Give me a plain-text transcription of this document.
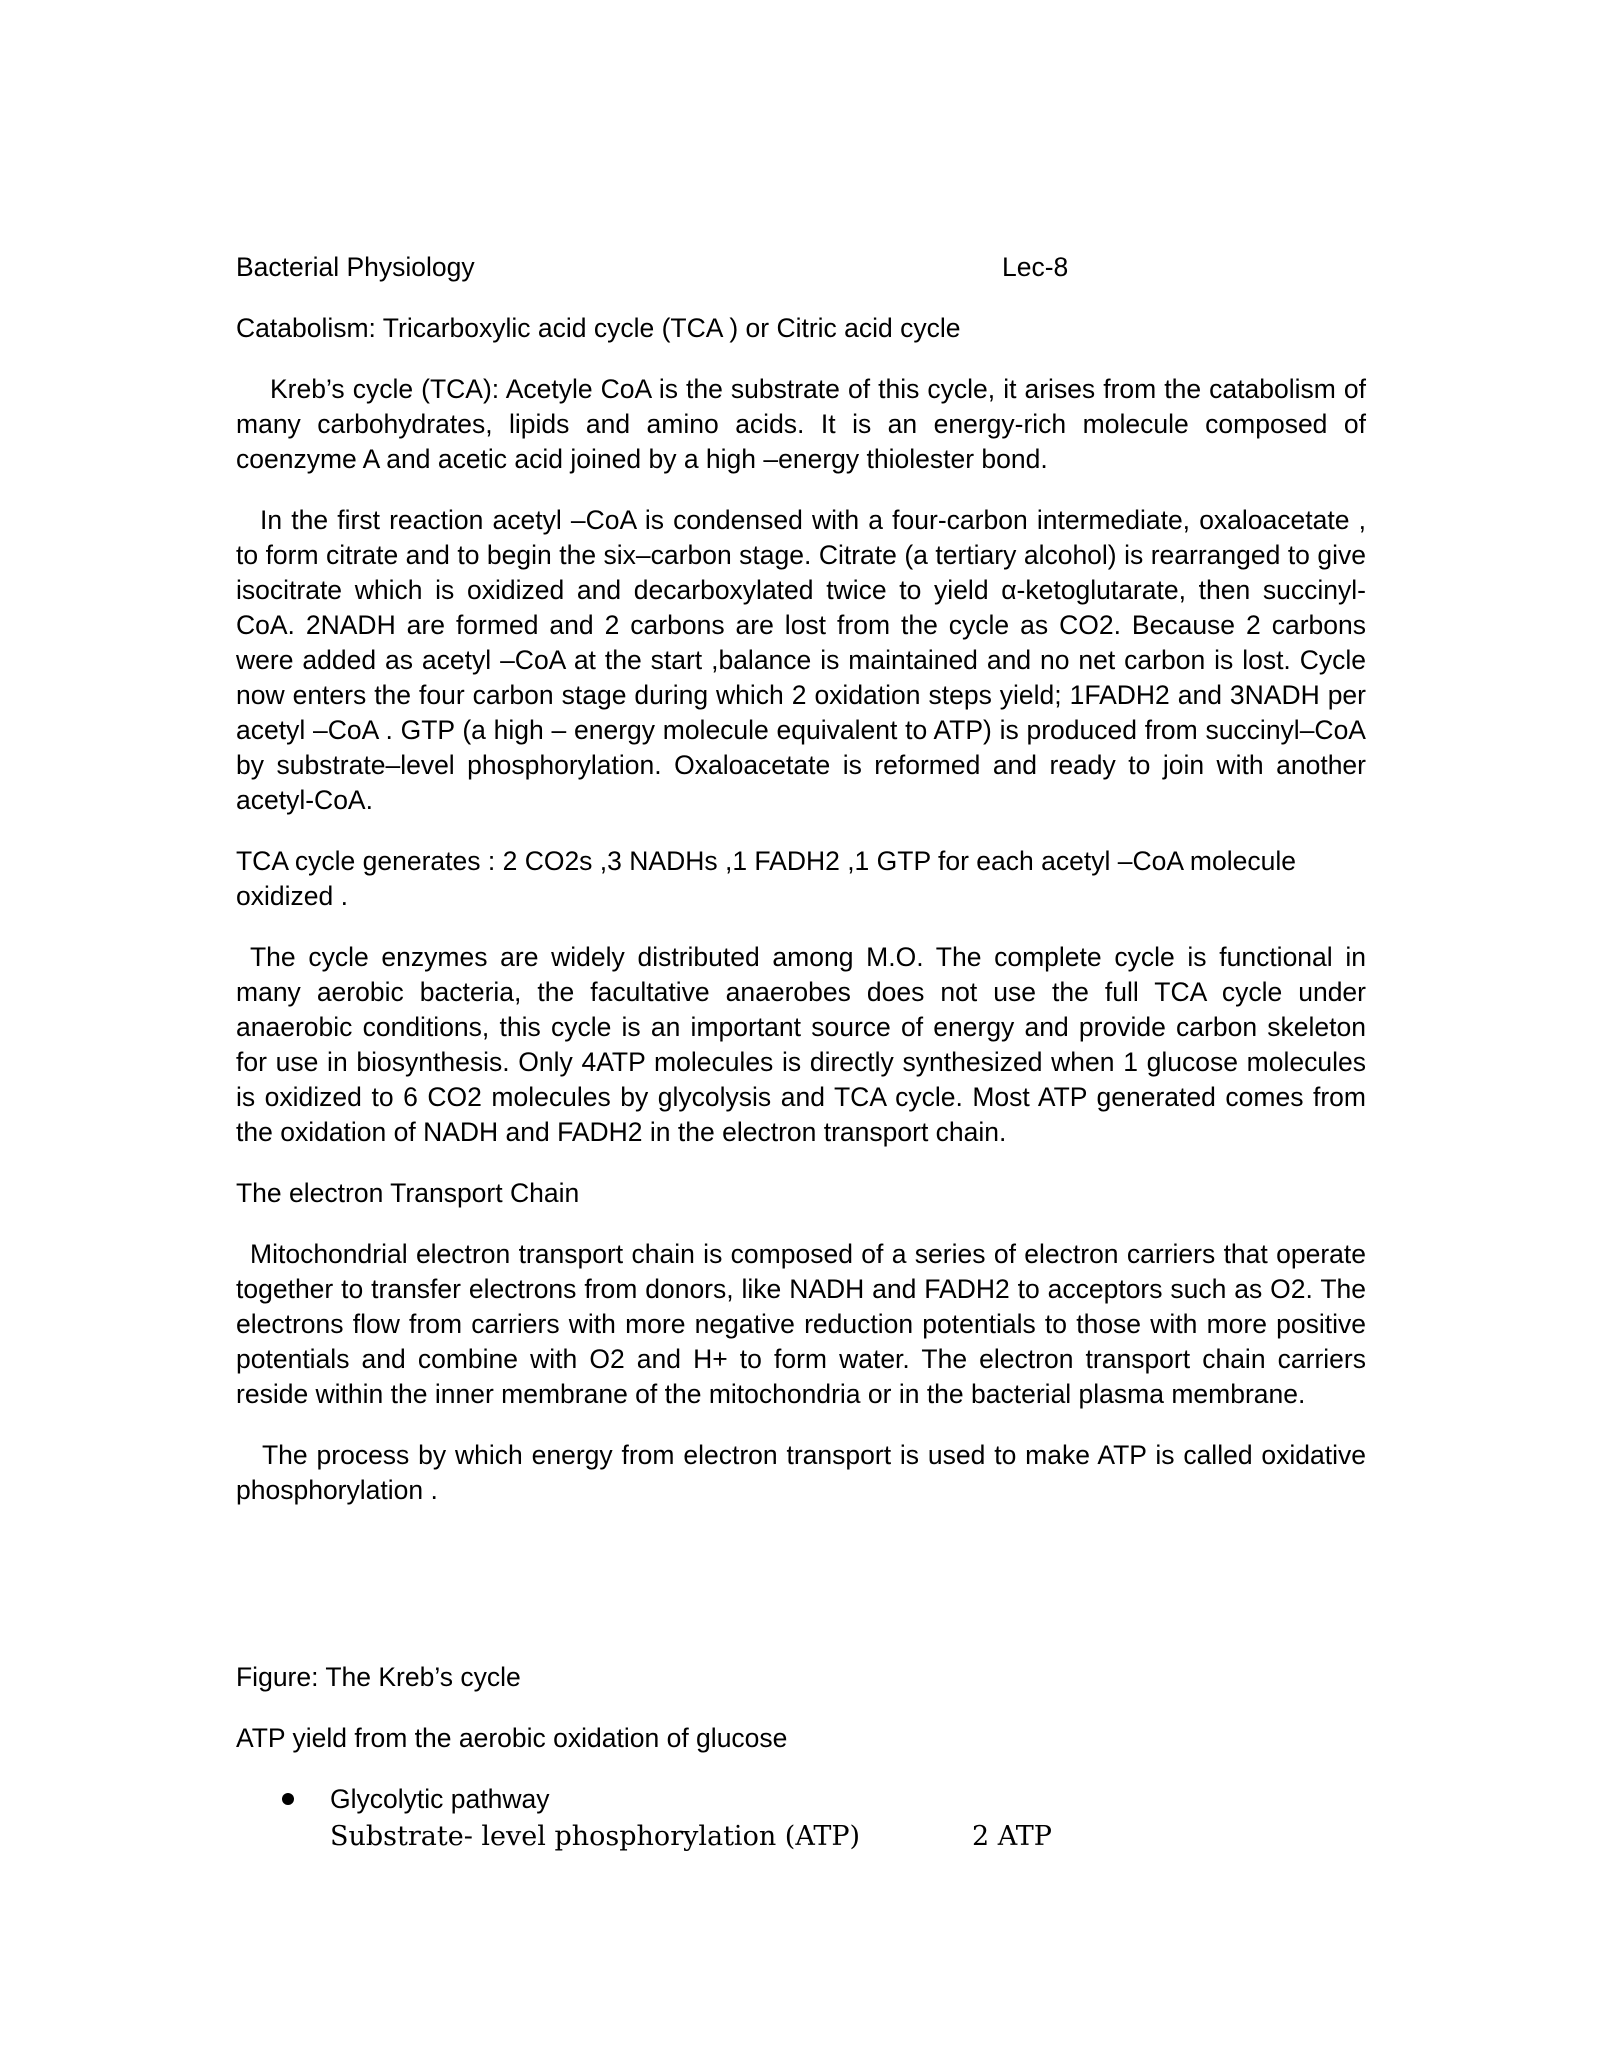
Bacterial Physiology	Lec-8

Catabolism: Tricarboxylic acid cycle (TCA ) or Citric acid cycle

Kreb’s cycle (TCA): Acetyle CoA is the substrate of this cycle, it arises from the catabolism of many carbohydrates, lipids and amino acids. It is an energy-rich molecule composed of coenzyme A and acetic acid joined by a high –energy thiolester bond.

In the first reaction acetyl –CoA is condensed with a four-carbon intermediate, oxaloacetate , to form citrate and to begin the six–carbon stage. Citrate (a tertiary alcohol) is rearranged to give isocitrate which is oxidized and decarboxylated twice to yield α-ketoglutarate, then succinyl-CoA. 2NADH are formed and 2 carbons are lost from the cycle as CO2. Because 2 carbons were added as acetyl –CoA at the start ,balance is maintained and no net carbon is lost. Cycle now enters the four carbon stage during which 2 oxidation steps yield; 1FADH2 and 3NADH per acetyl –CoA . GTP (a high – energy molecule equivalent to ATP) is produced from succinyl–CoA by substrate–level phosphorylation. Oxaloacetate is reformed and ready to join with another acetyl-CoA.

TCA cycle generates : 2 CO2s ,3 NADHs ,1 FADH2 ,1 GTP for each acetyl –CoA molecule oxidized .

The cycle enzymes are widely distributed among M.O. The complete cycle is functional in many aerobic bacteria, the facultative anaerobes does not use the full TCA cycle under anaerobic conditions, this cycle is an important source of energy and provide carbon skeleton for use in biosynthesis. Only 4ATP molecules is directly synthesized when 1 glucose molecules is oxidized to 6 CO2 molecules by glycolysis and TCA cycle. Most ATP generated comes from the oxidation of NADH and FADH2 in the electron transport chain.

The electron Transport Chain

Mitochondrial electron transport chain is composed of a series of electron carriers that operate together to transfer electrons from donors, like NADH and FADH2 to acceptors such as O2. The electrons flow from carriers with more negative reduction potentials to those with more positive potentials and combine with O2 and H+ to form water. The electron transport chain carriers reside within the inner membrane of the mitochondria or in the bacterial plasma membrane.

The process by which energy from electron transport is used to make ATP is called oxidative phosphorylation .

Figure: The Kreb’s cycle

ATP yield from the aerobic oxidation of glucose

Glycolytic pathway
Substrate- level phosphorylation (ATP)	2 ATP
